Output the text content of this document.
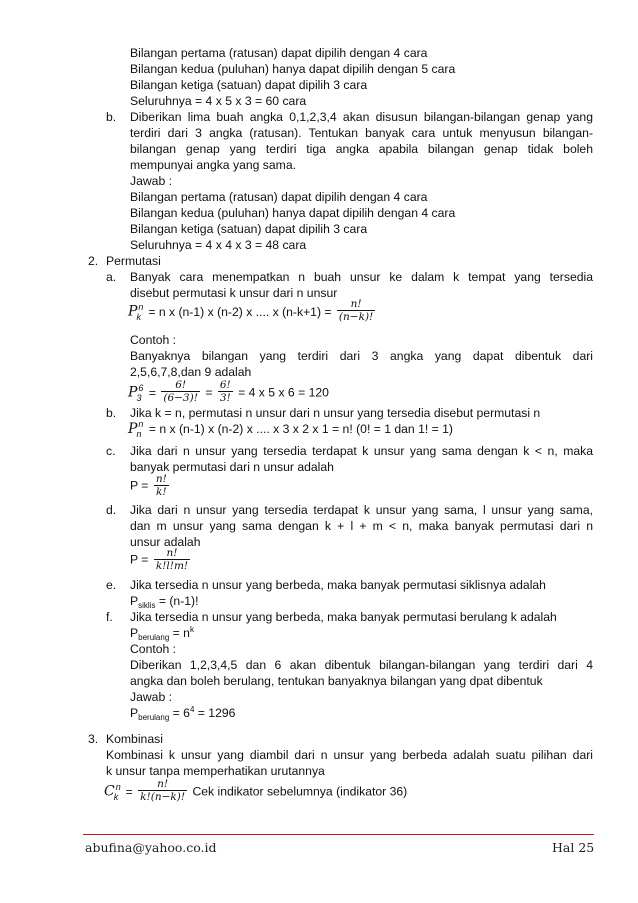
Bilangan pertama (ratusan) dapat dipilih dengan 4 cara
Bilangan kedua (puluhan) hanya dapat dipilih dengan 5 cara
Bilangan ketiga (satuan) dapat dipilih 3 cara
Seluruhnya = 4 x 5 x 3 = 60 cara
b. Diberikan lima buah angka 0,1,2,3,4 akan disusun bilangan-bilangan genap yang
terdiri dari 3 angka (ratusan). Tentukan banyak cara untuk menyusun bilangan-
bilangan genap yang terdiri tiga angka apabila bilangan genap tidak boleh
mempunyai angka yang sama.
Jawab :
Bilangan pertama (ratusan) dapat dipilih dengan 4 cara
Bilangan kedua (puluhan) hanya dapat dipilih dengan 4 cara
Bilangan ketiga (satuan) dapat dipilih 3 cara
Seluruhnya = 4 x 4 x 3 = 48 cara
2. Permutasi
a. Banyak cara menempatkan n buah unsur ke dalam k tempat yang tersedia
disebut permutasi k unsur dari n unsur
$P^n_k = n$ x (n-1) x (n-2) x .... x $(n-k+1) = \frac{n!}{(n-k)!}$
Contoh :
Banyaknya bilangan yang terdiri dari 3 angka yang dapat dibentuk dari
2,5,6,7,8,dan 9 adalah
$P^6_3 = \frac{6!}{(6-3)!} = \frac{6!}{3!} = 4$ x 5 x 6 = 120
b. Jika k = n, permutasi n unsur dari n unsur yang tersedia disebut permutasi n
$P^n_n = n$ x (n-1) x (n-2) x .... x 3 x 2 x 1 = n! (0! = 1 dan 1! = 1)
c. Jika dari n unsur yang tersedia terdapat k unsur yang sama dengan k < n, maka
banyak permutasi dari n unsur adalah
$P = \frac{n!}{k!}$
d. Jika dari n unsur yang tersedia terdapat k unsur yang sama, l unsur yang sama,
dan m unsur yang sama dengan k + l + m < n, maka banyak permutasi dari n
unsur adalah
$P = \frac{n!}{k!l!m!}$
e. Jika tersedia n unsur yang berbeda, maka banyak permutasi siklisnya adalah
$P_{siklis} = (n-1)$!
f. Jika tersedia n unsur yang berbeda, maka banyak permutasi berulang k adalah
$P_{berulang} = n^k$
Contoh :
Diberikan 1,2,3,4,5 dan 6 akan dibentuk bilangan-bilangan yang terdiri dari 4
angka dan boleh berulang, tentukan banyaknya bilangan yang dpat dibentuk
Jawab :
$P_{berulang} = 6^4 = 1296$
3. Kombinasi
Kombinasi k unsur yang diambil dari n unsur yang berbeda adalah suatu pilihan dari
k unsur tanpa memperhatikan urutannya
$C^n_k = \frac{n!}{k!(n-k)!}$ Cek indikator sebelumnya (indikator 36)
abufina@yahoo.co.id	Hal 25
